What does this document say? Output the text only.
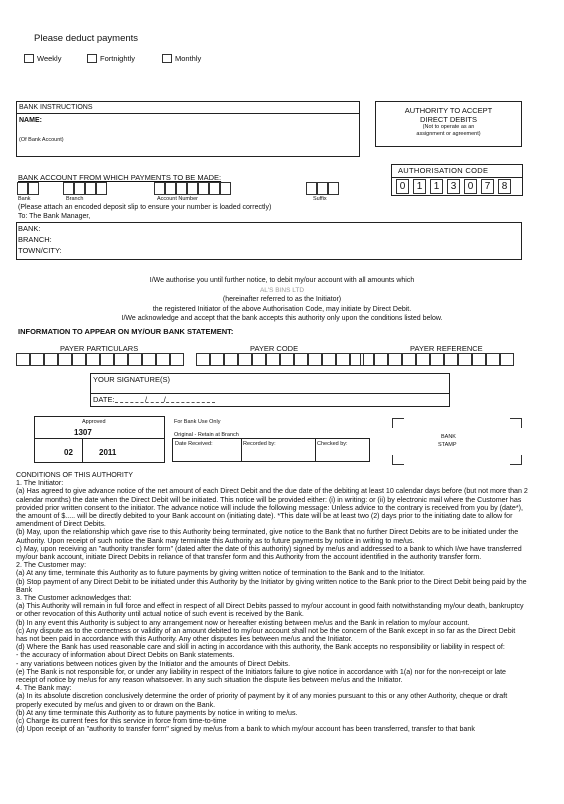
Please deduct payments
Weekly	Fortnightly	Monthly
BANK INSTRUCTIONS
NAME:
(Of Bank Account)
AUTHORITY TO ACCEPT
DIRECT DEBITS
(Not to operate as an
assignment or agreement)
AUTHORISATION CODE
0	1	1	3	0	7	8
BANK ACCOUNT FROM WHICH PAYMENTS TO BE MADE:
Bank	Branch	Account Number	Suffix
(Please attach an encoded deposit slip to ensure your number is loaded correctly)
To: The Bank Manager,
BANK:
BRANCH:
TOWN/CITY:
I/We authorise you until further notice, to debit my/our account with all amounts which
AL'S BINS LTD
(hereinafter referred to as the Initiator)
the registered Initiator of the above Authorisation Code, may initiate by Direct Debit.
I/We acknowledge and accept that the bank accepts this authority only upon the conditions listed below.
INFORMATION TO APPEAR ON MY/OUR BANK STATEMENT:
PAYER PARTICULARS	PAYER CODE	PAYER REFERENCE
YOUR SIGNATURE(S)
DATE:	/        /
Approved
1307
02	2011
For Bank Use Only
Original - Retain at Branch
Date Received:	Recorded by:	Checked by:
BANK
STAMP

CONDITIONS OF THIS AUTHORITY

1. The Initiator:

(a) Has agreed to give advance notice of the net amount of each Direct Debit and the due date of the debiting at least 10 calendar days before (but not more than 2 calendar months) the date when the Direct Debit will be initiated. This notice will be provided either: (i) in writing: or (ii) by electronic mail where the Customer has provided prior written consent to the initiator. The advance notice will include the following message: Unless advice to the contrary is received from you by (date*), the amount of $..... will be directly debited to your Bank account on (initiating date). *This date will be at least two (2) days prior to the initiating date to allow for amendment of Direct Debits.

(b) May, upon the relationship which gave rise to this Authority being terminated, give notice to the Bank that no further Direct Debits are to be initiated under the Authority. Upon receipt of such notice the Bank may terminate this Authority as to future payments by notice in writing to me/us.

c) May, upon receiving an "authority transfer form" (dated after the date of this authority) signed by me/us and addressed to a bank to which I/we have transferred my/our bank account, initiate Direct Debits in reliance of that transfer form and this Authority from the account identified in the authority transfer form.

2. The Customer may:

(a) At any time, terminate this Authority as to future payments by giving written notice of termination to the Bank and to the Initiator.

(b) Stop payment of any Direct Debit to be initiated under this Authority by the Initiator by giving written notice to the Bank prior to the Direct Debit being paid by the Bank

3. The Customer acknowledges that:

(a) This Authority will remain in full force and effect in respect of all Direct Debits passed to my/our account in good faith notwithstanding my/our death, bankruptcy or other revocation of this Authority until actual notice of such event is received by the Bank.

(b) In any event this Authority is subject to any arrangement now or hereafter existing between me/us and the Bank in relation to my/our account.

(c) Any dispute as to the correctness or validity of an amount debited to my/our account shall not be the concern of the Bank except in so far as the Direct Debit has not been paid in accordance with this Authority. Any other disputes lies between me/us and the Initiator.

(d) Where the Bank has used reasonable care and skill in acting in accordance with this authority, the Bank accepts no responsibility or liability in respect of:

- the accuracy of information about Direct Debits on Bank statements.

- any variations between notices given by the Initiator and the amounts of Direct Debits.

(e) The Bank is not responsible for, or under any liability in respect of the Initiators failure to give notice in accordance with 1(a) nor for the non-receipt or late receipt of notice by me/us for any reason whatsoever. In any such situation the dispute lies between me/us and the Initiator.

4. The Bank may:

(a) In its absolute discretion conclusively determine the order of priority of payment by it of any monies pursuant to this or any other Authority, cheque or draft properly executed by me/us and given to or drawn on the Bank.

(b) At any time terminate this Authority as to future payments by notice in writing to me/us.

(c) Charge its current fees for this service in force from time-to-time

(d) Upon receipt of an "authority to transfer form" signed by me/us from a bank to which my/our account has been transferred, transfer to that bank
